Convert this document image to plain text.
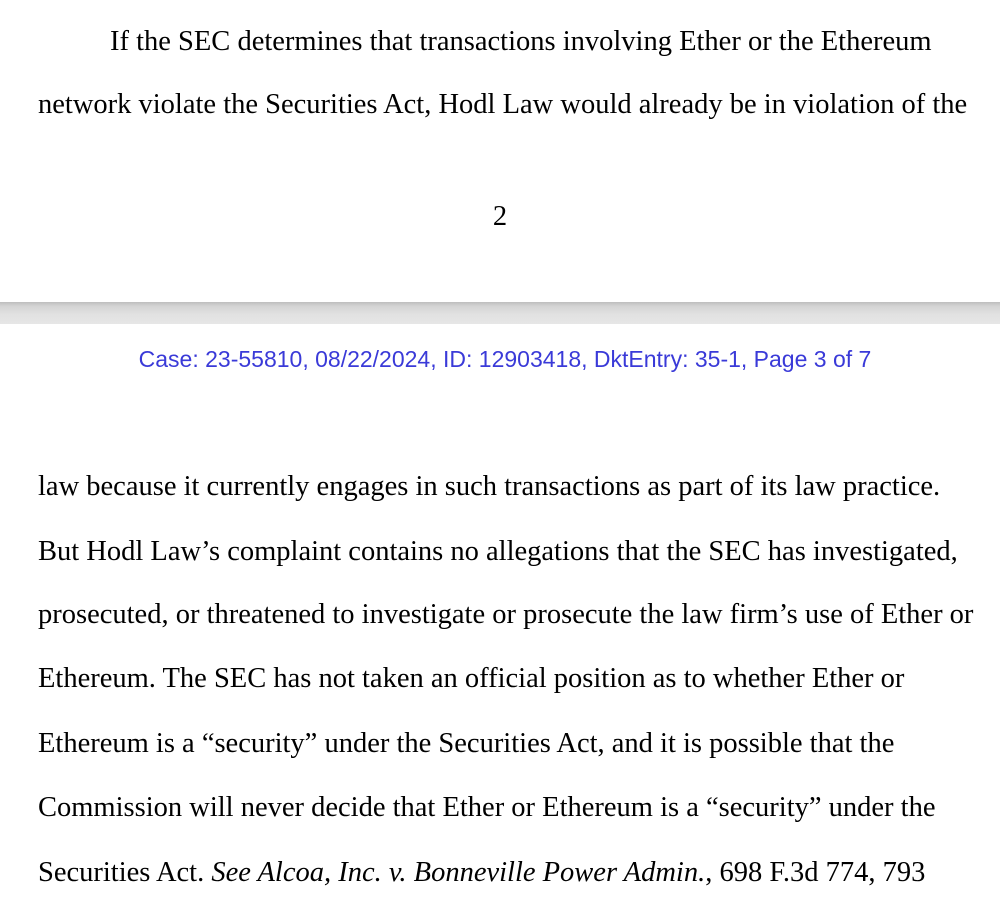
If the SEC determines that transactions involving Ether or the Ethereum
network violate the Securities Act, Hodl Law would already be in violation of the
2
Case: 23-55810, 08/22/2024, ID: 12903418, DktEntry: 35-1, Page 3 of 7
law because it currently engages in such transactions as part of its law practice.
But Hodl Law’s complaint contains no allegations that the SEC has investigated,
prosecuted, or threatened to investigate or prosecute the law firm’s use of Ether or
Ethereum. The SEC has not taken an official position as to whether Ether or
Ethereum is a “security” under the Securities Act, and it is possible that the
Commission will never decide that Ether or Ethereum is a “security” under the
Securities Act. See Alcoa, Inc. v. Bonneville Power Admin., 698 F.3d 774, 793
